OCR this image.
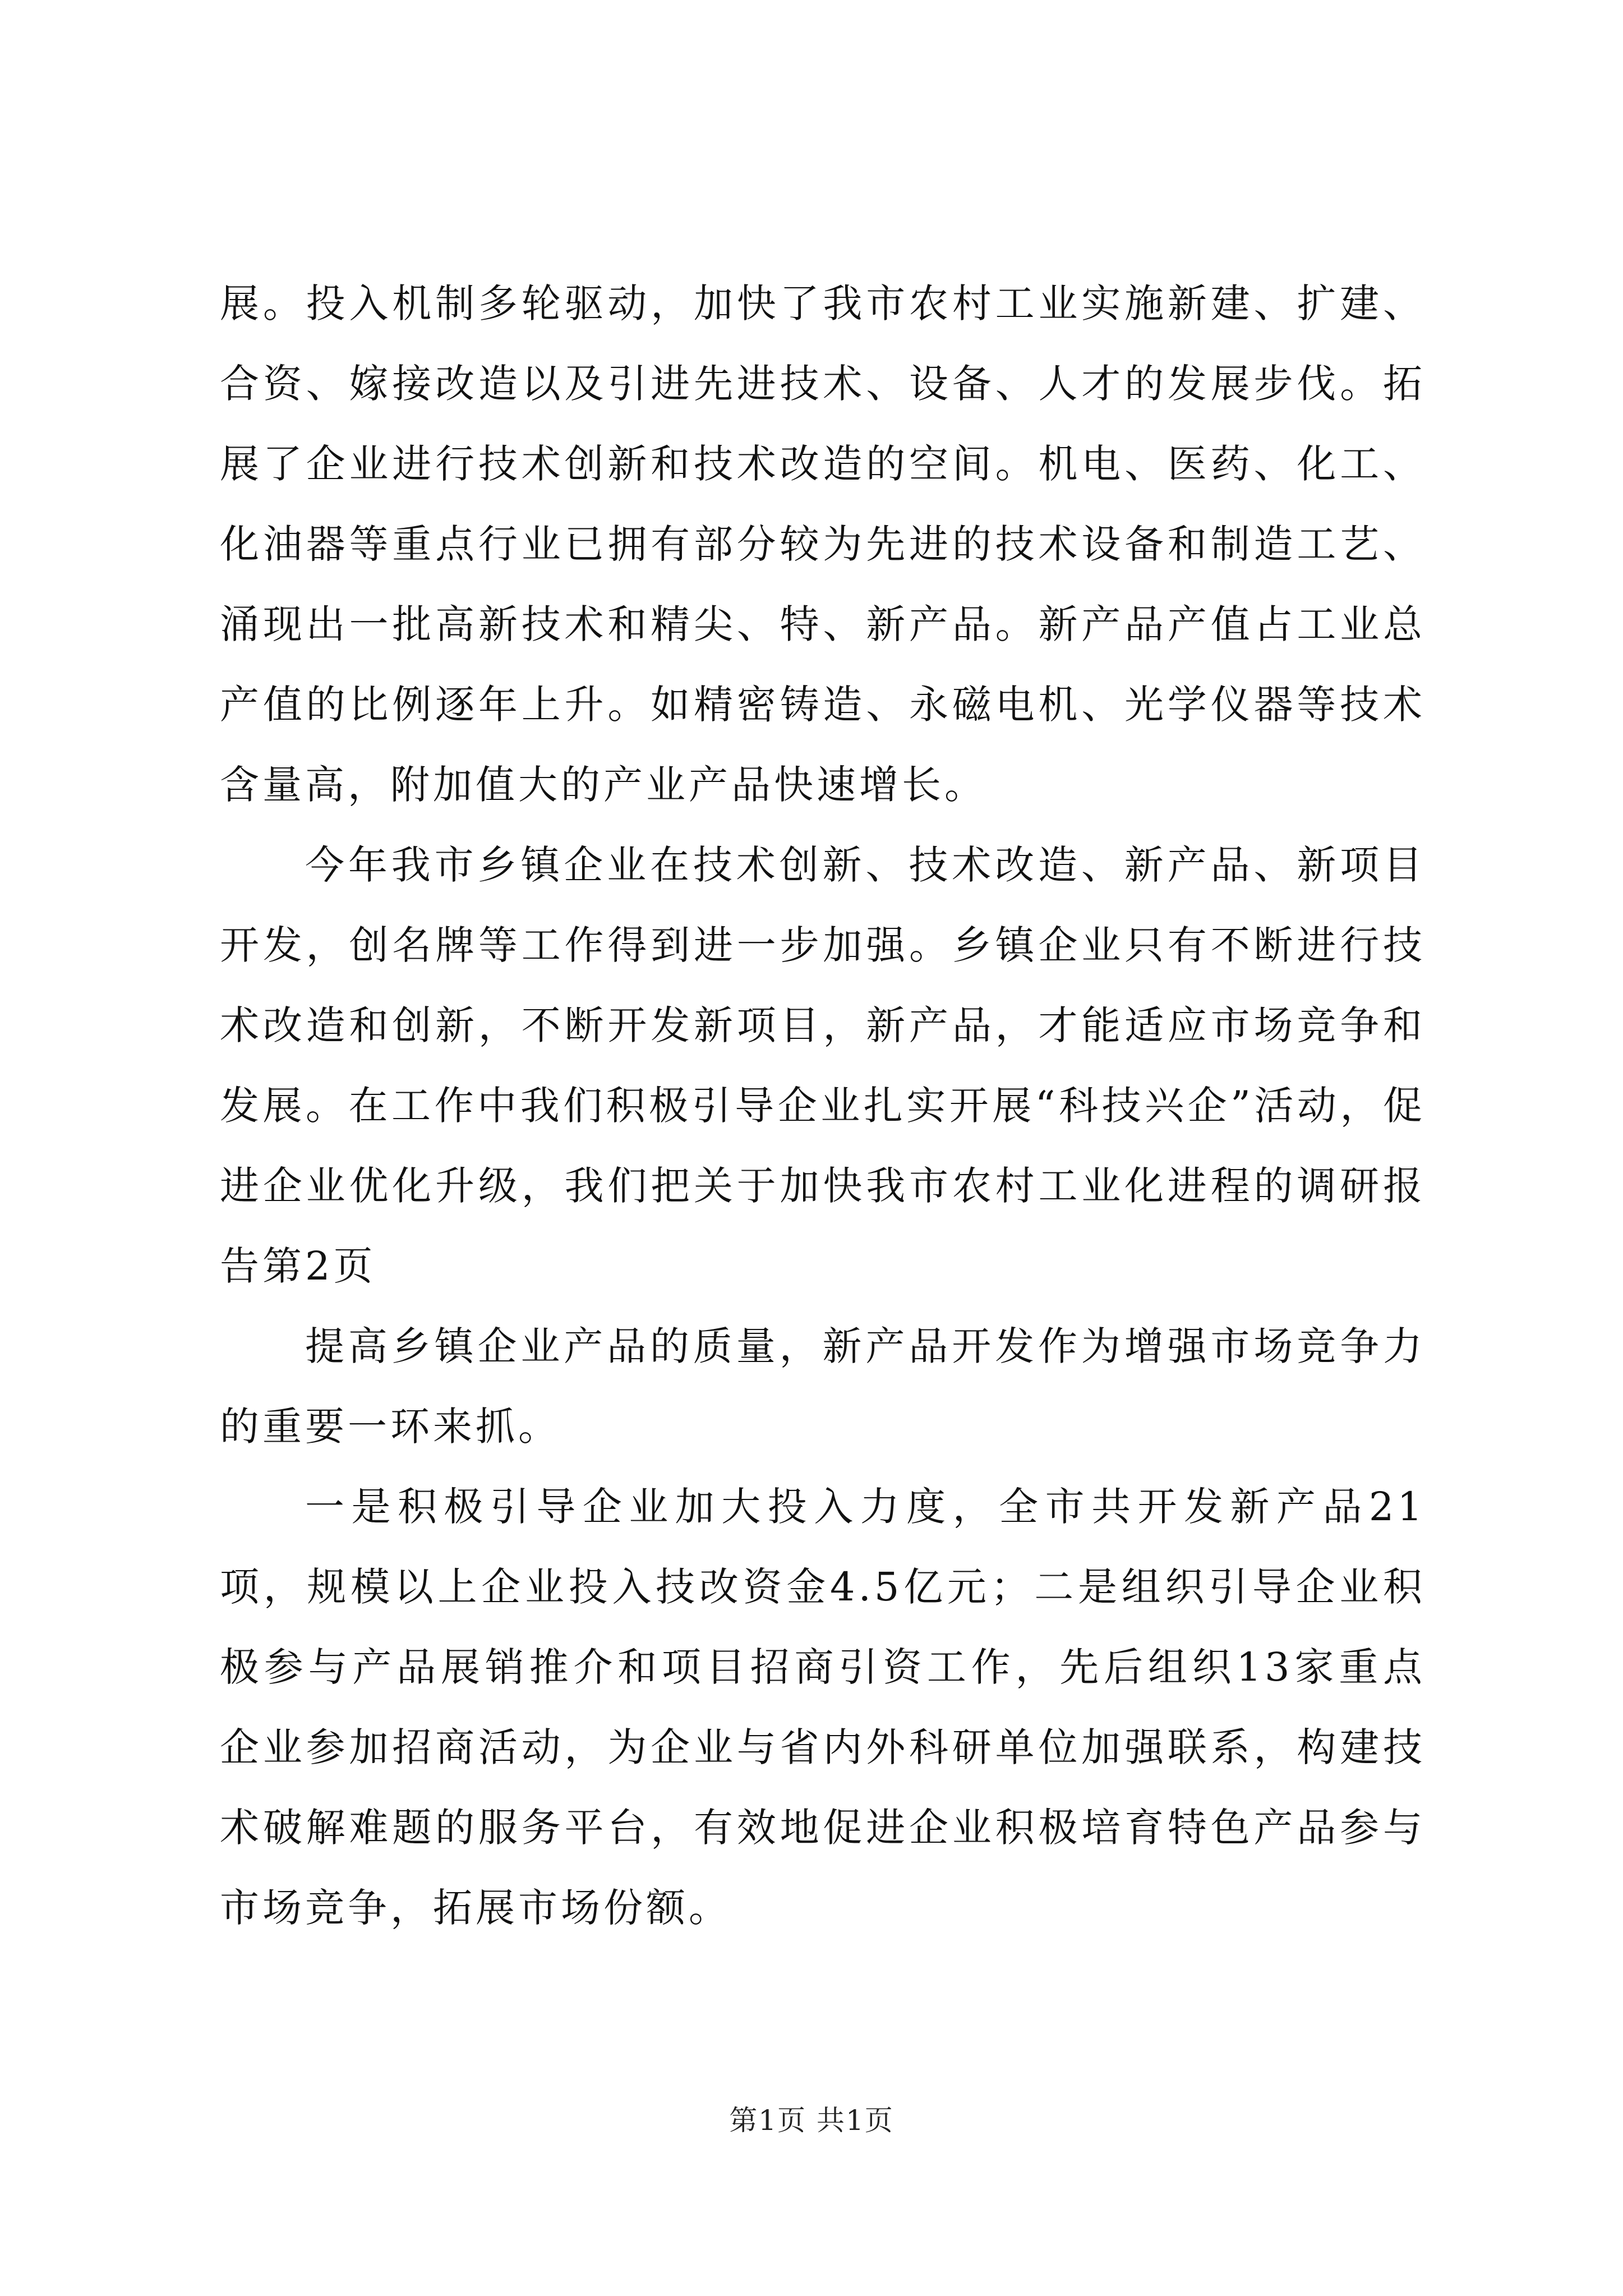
展。投入机制多轮驱动，加快了我市农村工业实施新建、扩建、合资、嫁接改造以及引进先进技术、设备、人才的发展步伐。拓展了企业进行技术创新和技术改造的空间。机电、医药、化工、化油器等重点行业已拥有部分较为先进的技术设备和制造工艺、涌现出一批高新技术和精尖、特、新产品。新产品产值占工业总产值的比例逐年上升。如精密铸造、永磁电机、光学仪器等技术含量高，附加值大的产业产品快速增长。

今年我市乡镇企业在技术创新、技术改造、新产品、新项目开发，创名牌等工作得到进一步加强。乡镇企业只有不断进行技术改造和创新，不断开发新项目，新产品，才能适应市场竞争和发展。在工作中我们积极引导企业扎实开展“科技兴企”活动，促进企业优化升级，我们把关于加快我市农村工业化进程的调研报告第2页

提高乡镇企业产品的质量，新产品开发作为增强市场竞争力的重要一环来抓。

一是积极引导企业加大投入力度，全市共开发新产品21项，规模以上企业投入技改资金4.5亿元；二是组织引导企业积极参与产品展销推介和项目招商引资工作，先后组织13家重点企业参加招商活动，为企业与省内外科研单位加强联系，构建技术破解难题的服务平台，有效地促进企业积极培育特色产品参与市场竞争，拓展市场份额。

第1页 共1页
